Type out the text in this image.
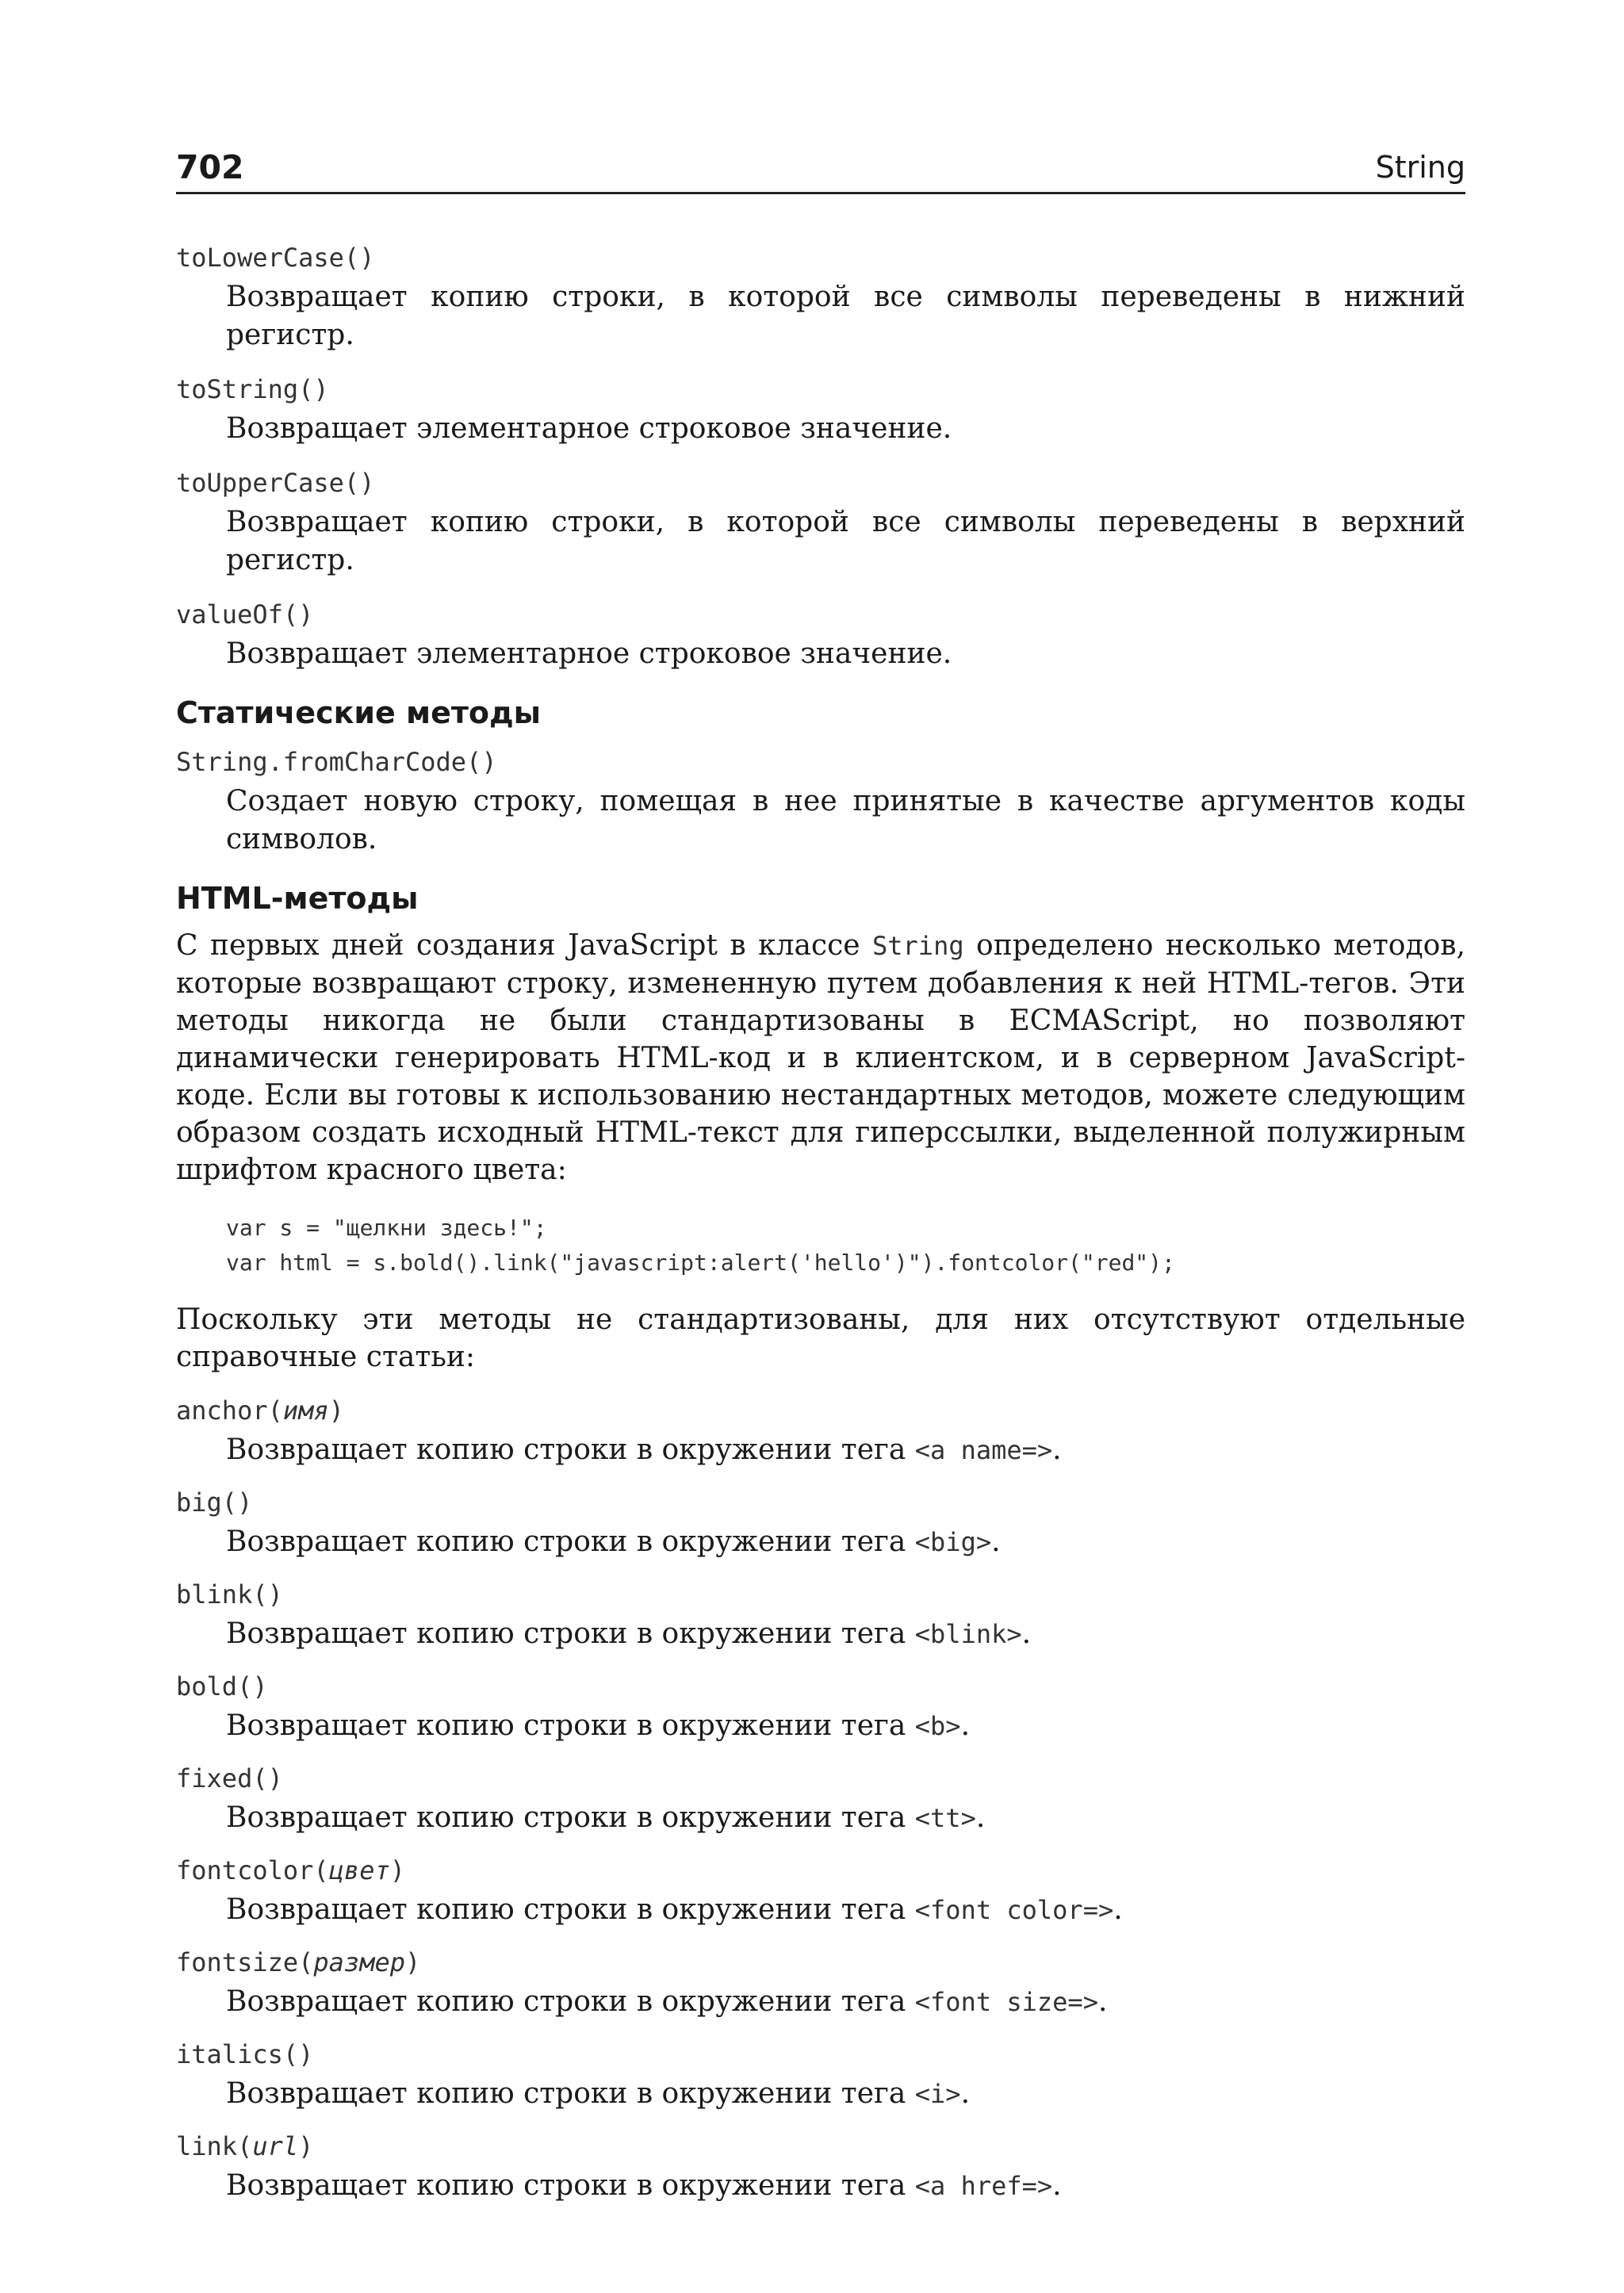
702	String
toLowerCase()
Возвращает копию строки, в которой все символы переведены в нижний регистр.
toString()
Возвращает элементарное строковое значение.
toUpperCase()
Возвращает копию строки, в которой все символы переведены в верхний регистр.
valueOf()
Возвращает элементарное строковое значение.
Статические методы
String.fromCharCode()
Создает новую строку, помещая в нее принятые в качестве аргументов коды символов.
HTML-методы

С первых дней создания JavaScript в классе String определено несколько методов, которые возвращают строку, измененную путем добавления к ней HTML-тегов. Эти методы никогда не были стандартизованы в ECMAScript, но позволяют динамически генерировать HTML-код и в клиентском, и в серверном JavaScript-коде. Если вы готовы к использованию нестандартных методов, можете следующим образом создать исходный HTML-текст для гиперссылки, выделенной полужирным шрифтом красного цвета:

var s = "щелкни здесь!";
var html = s.bold().link("javascript:alert('hello')").fontcolor("red");

Поскольку эти методы не стандартизованы, для них отсутствуют отдельные справочные статьи:

anchor(имя)
Возвращает копию строки в окружении тега <a name=>.
big()
Возвращает копию строки в окружении тега <big>.
blink()
Возвращает копию строки в окружении тега <blink>.
bold()
Возвращает копию строки в окружении тега <b>.
fixed()
Возвращает копию строки в окружении тега <tt>.
fontcolor(цвет)
Возвращает копию строки в окружении тега <font color=>.
fontsize(размер)
Возвращает копию строки в окружении тега <font size=>.
italics()
Возвращает копию строки в окружении тега <i>.
link(url)
Возвращает копию строки в окружении тега <a href=>.
